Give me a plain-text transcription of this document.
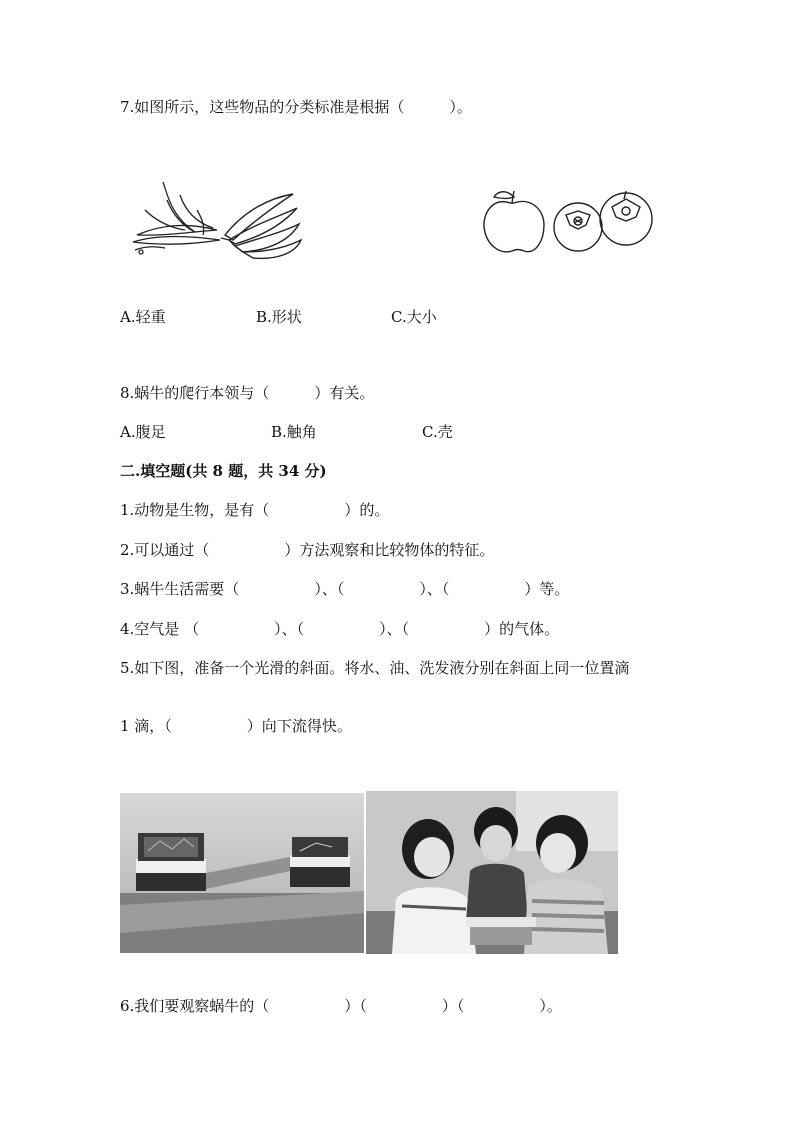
7.如图所示，这些物品的分类标准是根据（　　　）。
A.轻重	B.形状	C.大小
8.蜗牛的爬行本领与（　　　）有关。
A.腹足	B.触角	C.壳
二.填空题(共 8 题，共 34 分)
1.动物是生物，是有（　　　　　）的。
2.可以通过（　　　　　）方法观察和比较物体的特征。
3.蜗牛生活需要（　　　　　）、（　　　　　）、（　　　　　）等。
4.空气是 （　　　　　）、（　　　　　）、（　　　　　）的气体。
5.如下图，准备一个光滑的斜面。将水、油、洗发液分别在斜面上同一位置滴
1 滴，（　　　　　）向下流得快。
6.我们要观察蜗牛的（　　　　　）（　　　　　）（　　　　　）。
